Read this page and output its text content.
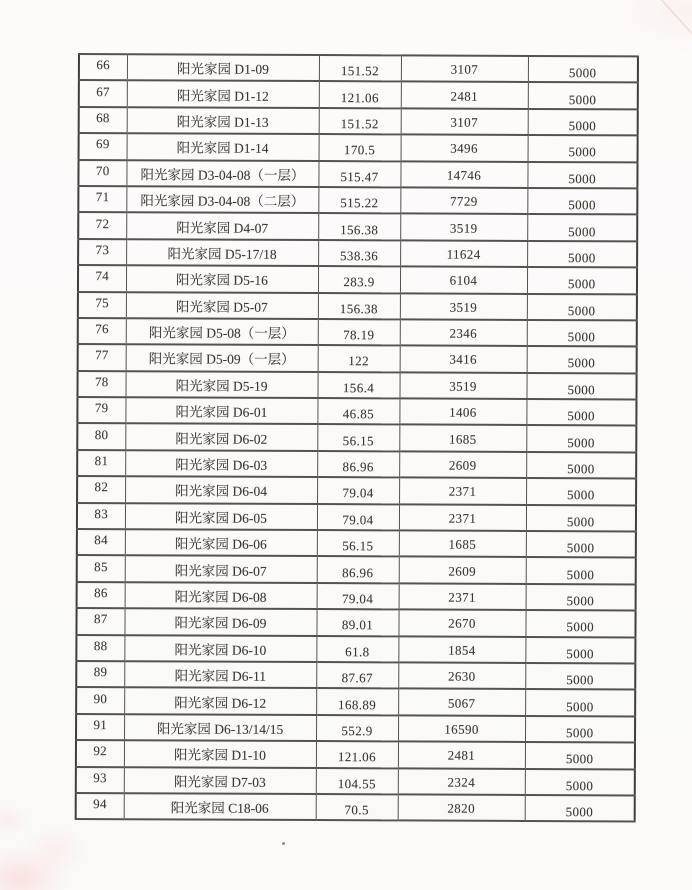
66	阳光家园 D1-09	151.52	3107	5000
67	阳光家园 D1-12	121.06	2481	5000
68	阳光家园 D1-13	151.52	3107	5000
69	阳光家园 D1-14	170.5	3496	5000
70	阳光家园 D3-04-08（一层）	515.47	14746	5000
71	阳光家园 D3-04-08（二层）	515.22	7729	5000
72	阳光家园 D4-07	156.38	3519	5000
73	阳光家园 D5-17/18	538.36	11624	5000
74	阳光家园 D5-16	283.9	6104	5000
75	阳光家园 D5-07	156.38	3519	5000
76	阳光家园 D5-08（一层）	78.19	2346	5000
77	阳光家园 D5-09（一层）	122	3416	5000
78	阳光家园 D5-19	156.4	3519	5000
79	阳光家园 D6-01	46.85	1406	5000
80	阳光家园 D6-02	56.15	1685	5000
81	阳光家园 D6-03	86.96	2609	5000
82	阳光家园 D6-04	79.04	2371	5000
83	阳光家园 D6-05	79.04	2371	5000
84	阳光家园 D6-06	56.15	1685	5000
85	阳光家园 D6-07	86.96	2609	5000
86	阳光家园 D6-08	79.04	2371	5000
87	阳光家园 D6-09	89.01	2670	5000
88	阳光家园 D6-10	61.8	1854	5000
89	阳光家园 D6-11	87.67	2630	5000
90	阳光家园 D6-12	168.89	5067	5000
91	阳光家园 D6-13/14/15	552.9	16590	5000
92	阳光家园 D1-10	121.06	2481	5000
93	阳光家园 D7-03	104.55	2324	5000
94	阳光家园 C18-06	70.5	2820	5000
